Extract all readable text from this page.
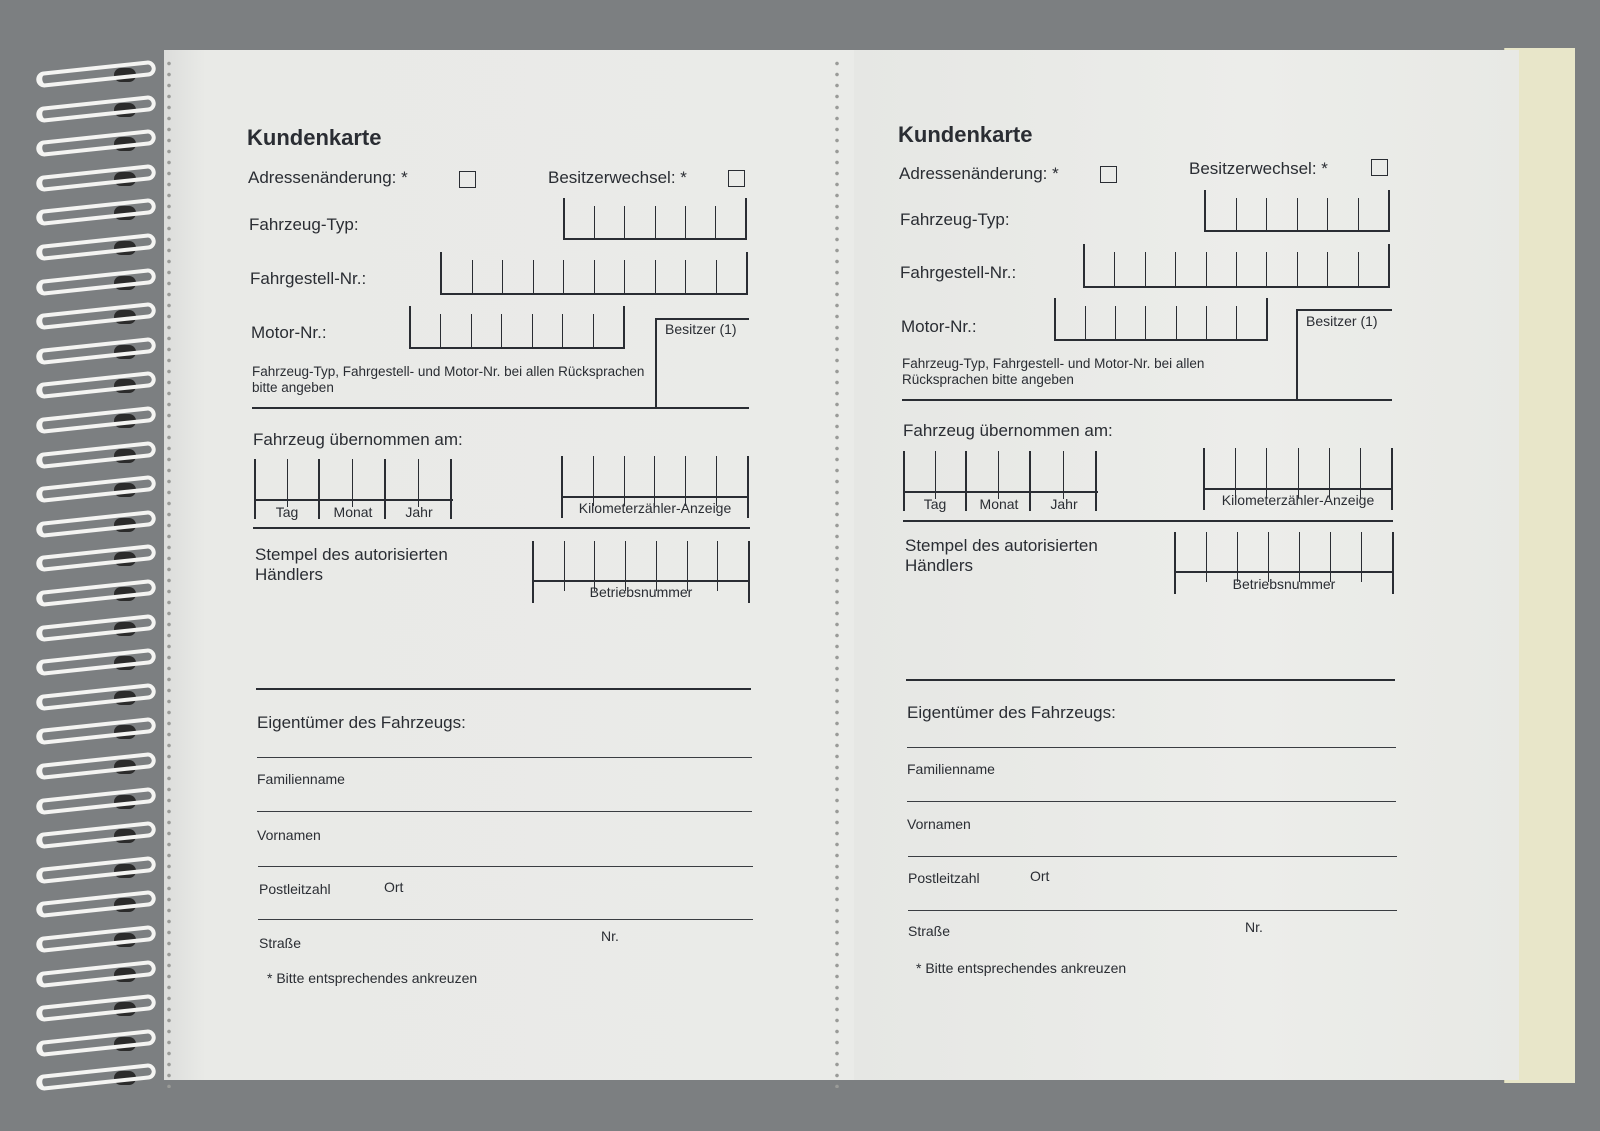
Kundenkarte
Adressenänderung: *	Besitzerwechsel: *
Fahrzeug-Typ:
Fahrgestell-Nr.:
Motor-Nr.:	Besitzer (1)
Fahrzeug-Typ, Fahrgestell- und Motor-Nr. bei allen Rücksprachen bitte angeben
Fahrzeug übernommen am:
Tag	Monat	Jahr	Kilometerzähler-Anzeige
Stempel des autorisierten Händlers
Betriebsnummer
Eigentümer des Fahrzeugs:
Familienname
Vornamen
Postleitzahl	Ort
Straße	Nr.
* Bitte entsprechendes ankreuzen
Kundenkarte
Adressenänderung: *	Besitzerwechsel: *
Fahrzeug-Typ:
Fahrgestell-Nr.:
Motor-Nr.:	Besitzer (1)
Fahrzeug-Typ, Fahrgestell- und Motor-Nr. bei allen Rücksprachen bitte angeben
Fahrzeug übernommen am:
Tag	Monat	Jahr	Kilometerzähler-Anzeige
Stempel des autorisierten Händlers
Betriebsnummer
Eigentümer des Fahrzeugs:
Familienname
Vornamen
Postleitzahl	Ort
Straße	Nr.
* Bitte entsprechendes ankreuzen
